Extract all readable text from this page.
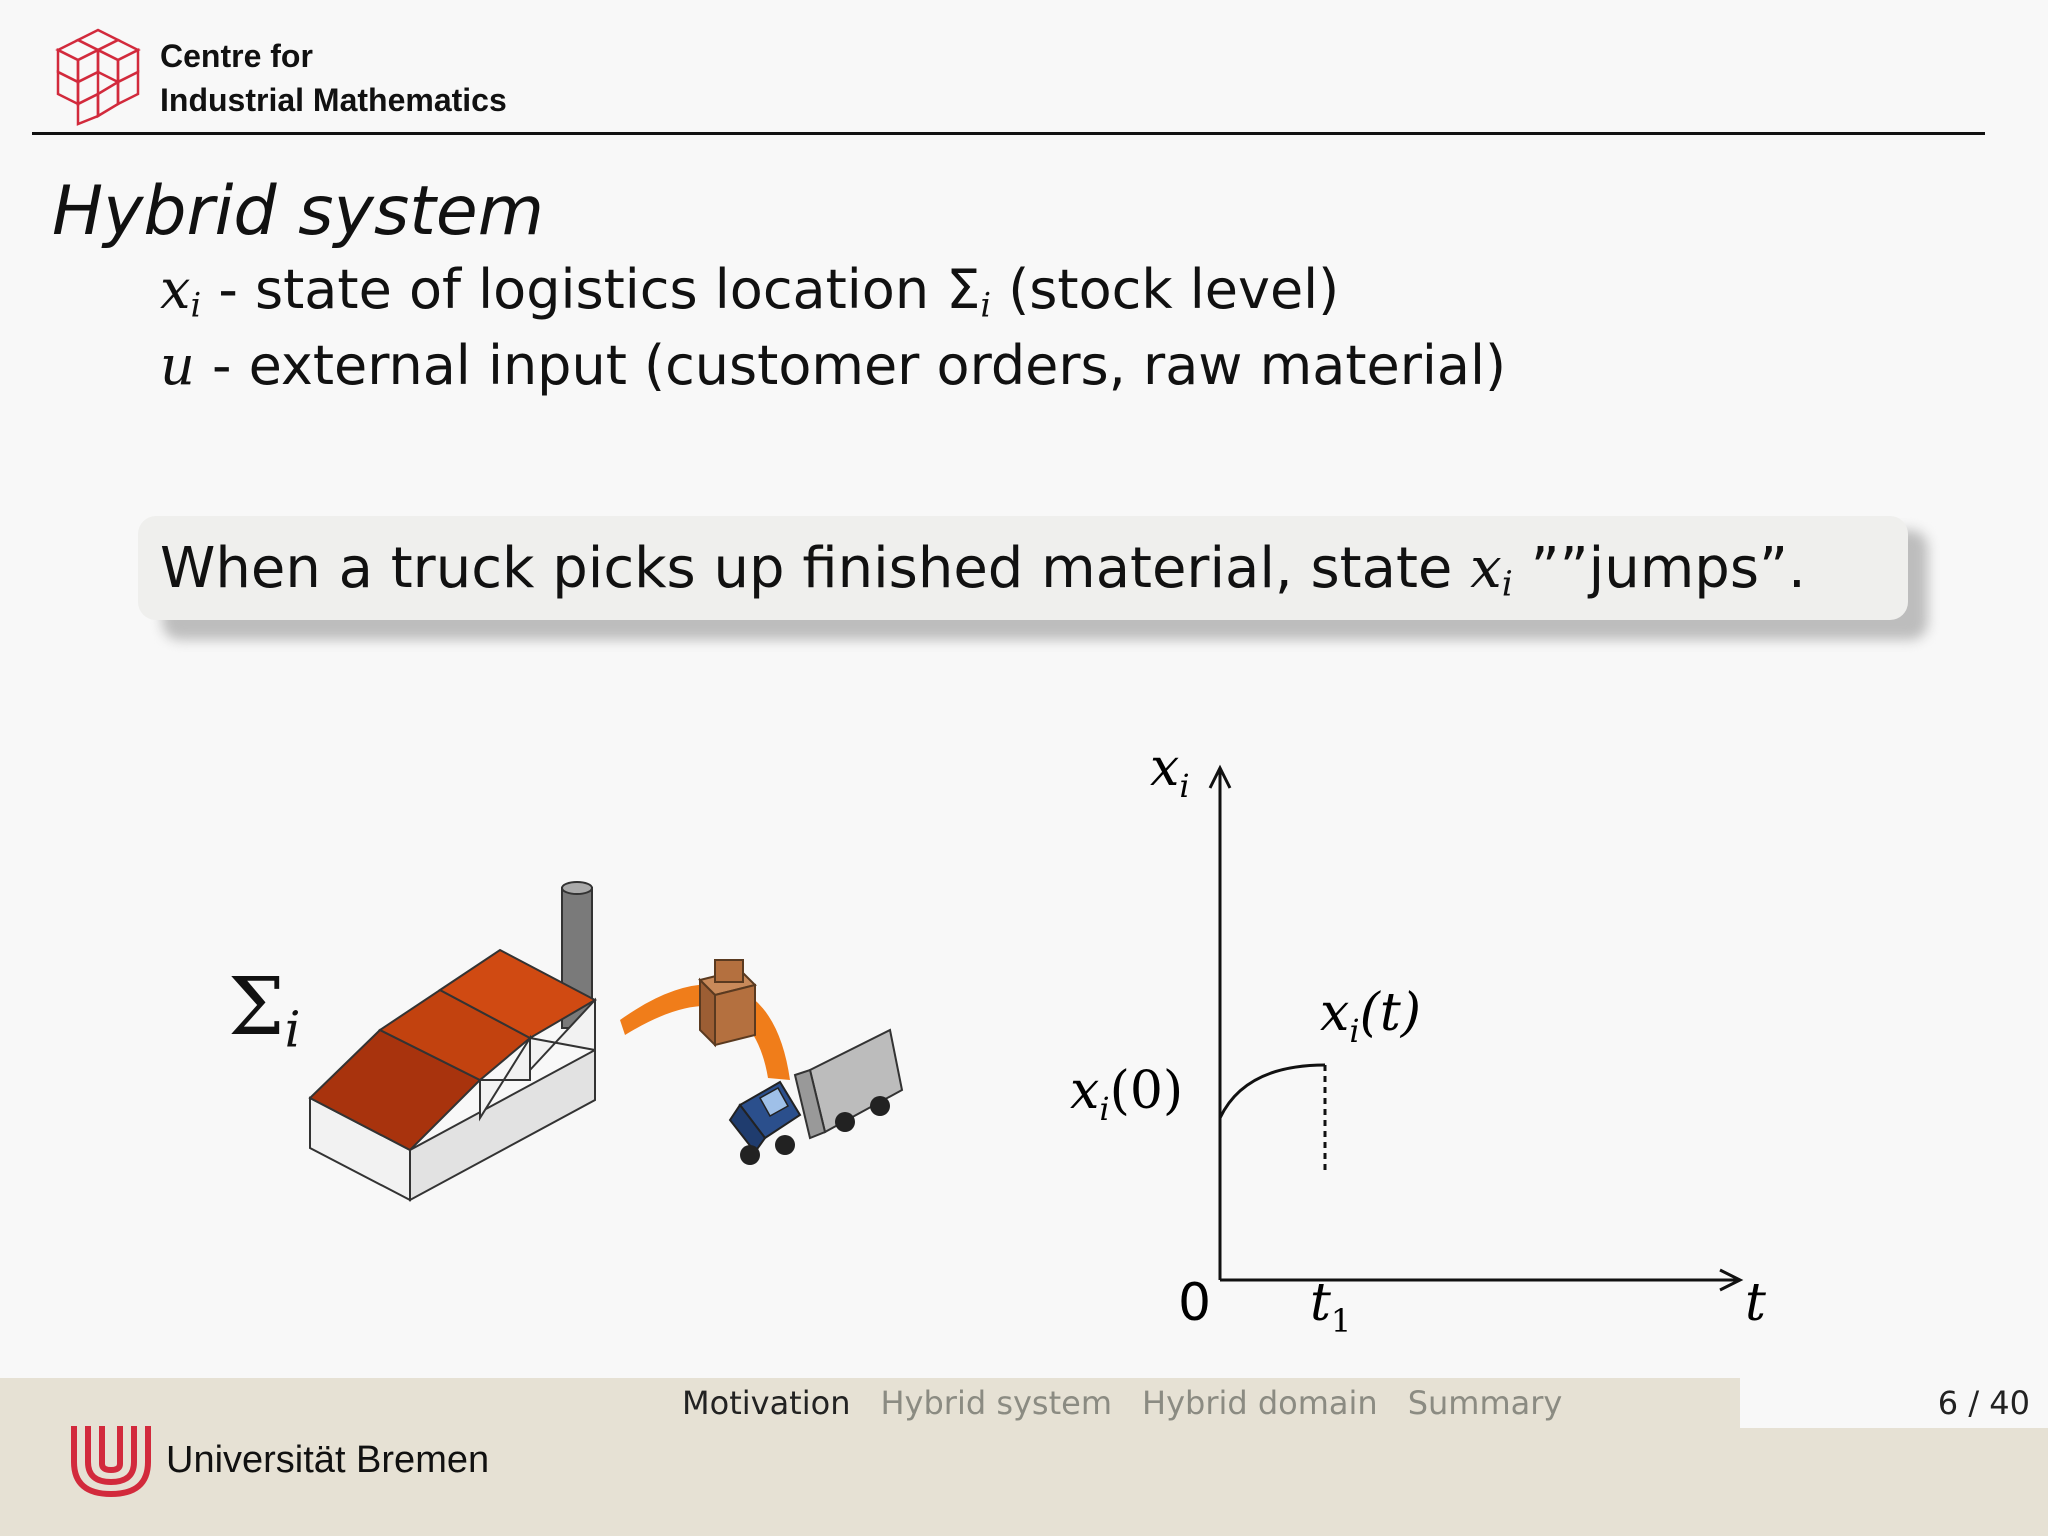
Centre for
Industrial Mathematics
Hybrid system
$x_i$ - state of logistics location $\Sigma_i$ (stock level)
u - external input (customer orders, raw material)
When a truck picks up finished material, state $x_i$ ””jumps”.
$\Sigma_i$
$x_i$
t
0 $t_1$
$x_i(0)$
$x_i(t)$
Motivation Hybrid system Hybrid domain Summary	6 / 40
Universität Bremen
